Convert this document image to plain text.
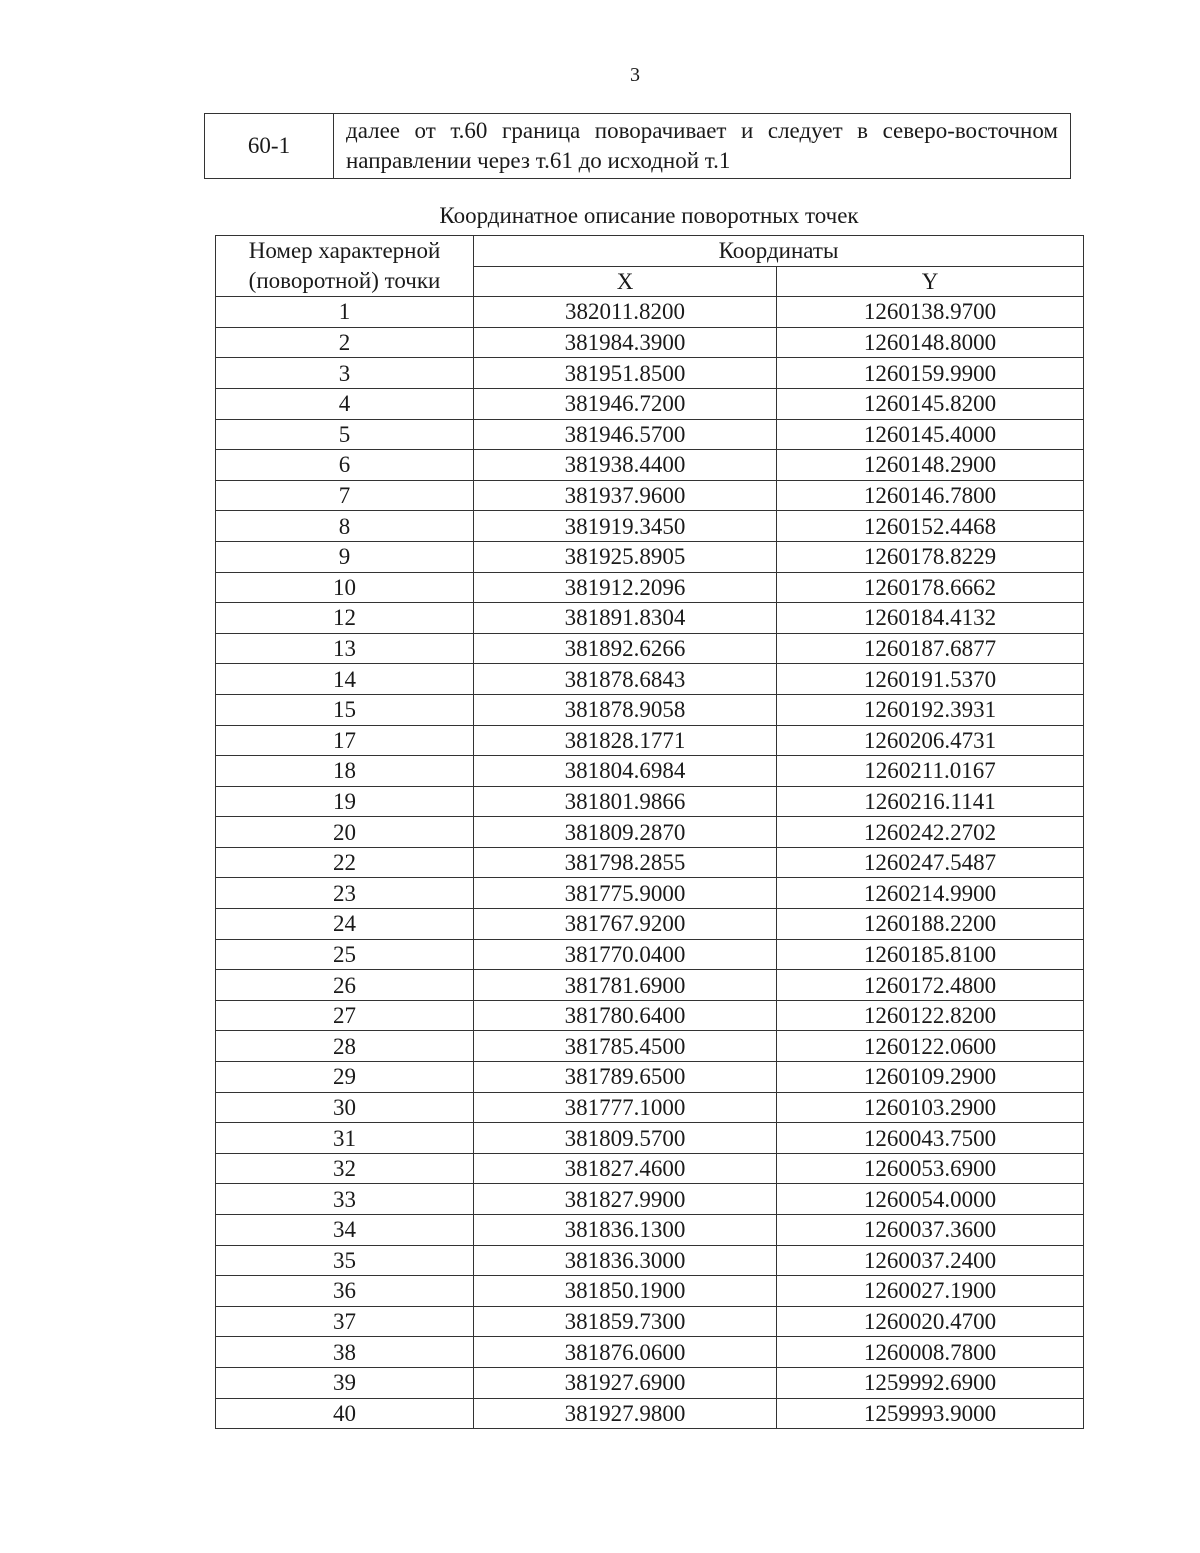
3
60-1	далее от т.60 граница поворачивает и следует в северо-восточном направлении через т.61 до исходной т.1
Координатное описание поворотных точек
Номер характерной (поворотной) точки	Координаты	
	X	Y
1	382011.8200	1260138.9700
2	381984.3900	1260148.8000
3	381951.8500	1260159.9900
4	381946.7200	1260145.8200
5	381946.5700	1260145.4000
6	381938.4400	1260148.2900
7	381937.9600	1260146.7800
8	381919.3450	1260152.4468
9	381925.8905	1260178.8229
10	381912.2096	1260178.6662
12	381891.8304	1260184.4132
13	381892.6266	1260187.6877
14	381878.6843	1260191.5370
15	381878.9058	1260192.3931
17	381828.1771	1260206.4731
18	381804.6984	1260211.0167
19	381801.9866	1260216.1141
20	381809.2870	1260242.2702
22	381798.2855	1260247.5487
23	381775.9000	1260214.9900
24	381767.9200	1260188.2200
25	381770.0400	1260185.8100
26	381781.6900	1260172.4800
27	381780.6400	1260122.8200
28	381785.4500	1260122.0600
29	381789.6500	1260109.2900
30	381777.1000	1260103.2900
31	381809.5700	1260043.7500
32	381827.4600	1260053.6900
33	381827.9900	1260054.0000
34	381836.1300	1260037.3600
35	381836.3000	1260037.2400
36	381850.1900	1260027.1900
37	381859.7300	1260020.4700
38	381876.0600	1260008.7800
39	381927.6900	1259992.6900
40	381927.9800	1259993.9000
